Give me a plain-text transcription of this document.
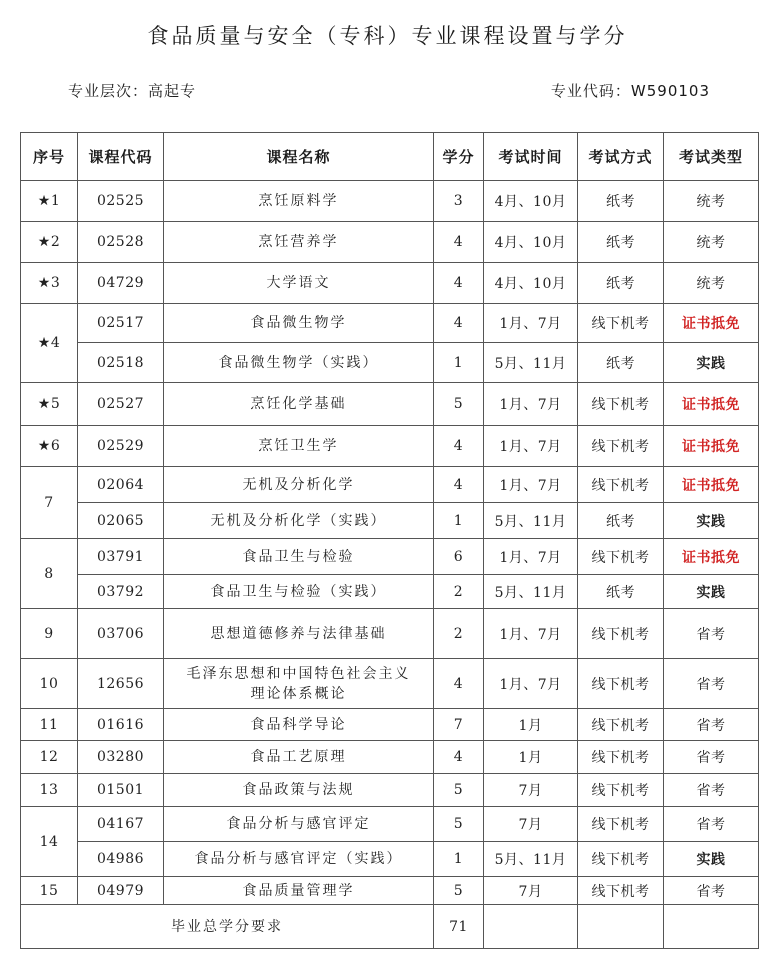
食品质量与安全（专科）专业课程设置与学分
专业层次：高起专	专业代码：W590103
序号	课程代码	课程名称	学分	考试时间	考试方式	考试类型
★1	02525	烹饪原料学	3	4月、10月	纸考	统考
★2	02528	烹饪营养学	4	4月、10月	纸考	统考
★3	04729	大学语文	4	4月、10月	纸考	统考
★4	02517	食品微生物学	4	1月、7月	线下机考	证书抵免
	02518	食品微生物学（实践）	1	5月、11月	纸考	实践
★5	02527	烹饪化学基础	5	1月、7月	线下机考	证书抵免
★6	02529	烹饪卫生学	4	1月、7月	线下机考	证书抵免
7	02064	无机及分析化学	4	1月、7月	线下机考	证书抵免
	02065	无机及分析化学（实践）	1	5月、11月	纸考	实践
8	03791	食品卫生与检验	6	1月、7月	线下机考	证书抵免
	03792	食品卫生与检验（实践）	2	5月、11月	纸考	实践
9	03706	思想道德修养与法律基础	2	1月、7月	线下机考	省考
10	12656	毛泽东思想和中国特色社会主义
理论体系概论	4	1月、7月	线下机考	省考
11	01616	食品科学导论	7	1月	线下机考	省考
12	03280	食品工艺原理	4	1月	线下机考	省考
13	01501	食品政策与法规	5	7月	线下机考	省考
14	04167	食品分析与感官评定	5	7月	线下机考	省考
	04986	食品分析与感官评定（实践）	1	5月、11月	线下机考	实践
15	04979	食品质量管理学	5	7月	线下机考	省考
毕业总学分要求			71			
